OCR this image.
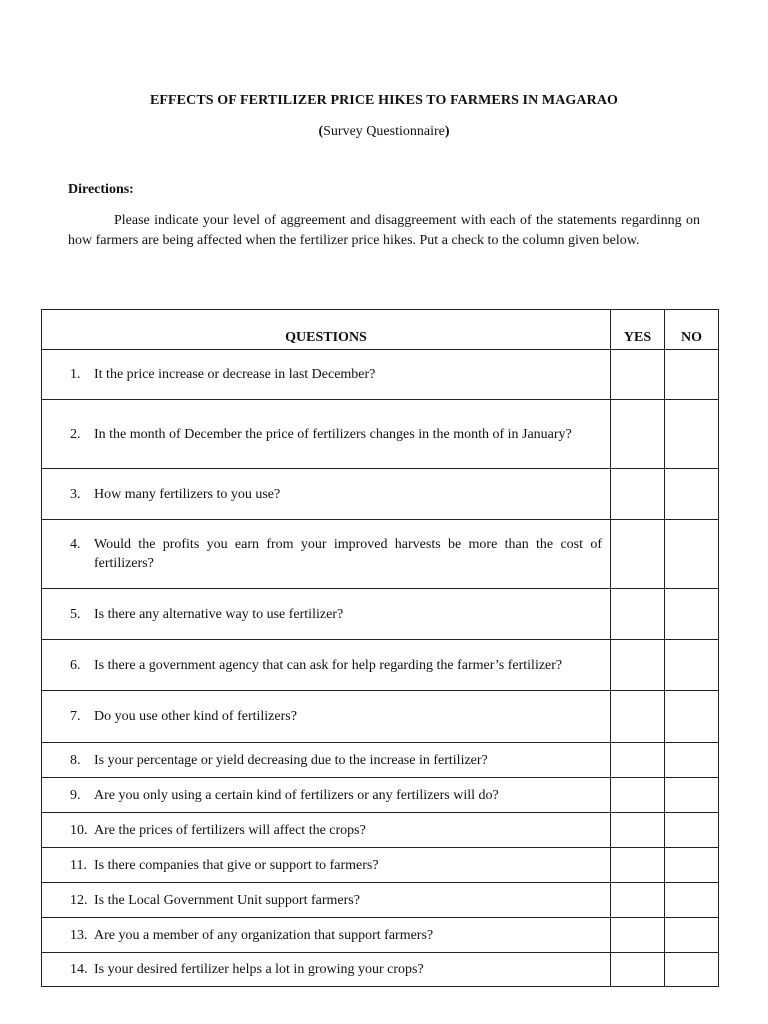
EFFECTS OF FERTILIZER PRICE HIKES TO FARMERS IN MAGARAO
(Survey Questionnaire)
Directions:
Please indicate your level of aggreement and disaggreement with each of the statements regardinng on how farmers are being affected when the fertilizer price hikes. Put a check to the column given below.
QUESTIONS	YES	NO

1. It the price increase or decrease in last December?		

2. In the month of December the price of fertilizers changes in the month of in January?		

3. How many fertilizers to you use?		

4. Would the profits you earn from your improved harvests be more than the cost of fertilizers?		

5. Is there any alternative way to use fertilizer?		

6. Is there a government agency that can ask for help regarding the farmer’s fertilizer?		

7. Do you use other kind of fertilizers?		

8. Is your percentage or yield decreasing due to the increase in fertilizer?		

9. Are you only using a certain kind of fertilizers or any fertilizers will do?		

10. Are the prices of fertilizers will affect the crops?		

11. Is there companies that give or support to farmers?		

12. Is the Local Government Unit support farmers?		

13. Are you a member of any organization that support farmers?		

14. Is your desired fertilizer helps a lot in growing your crops?		
